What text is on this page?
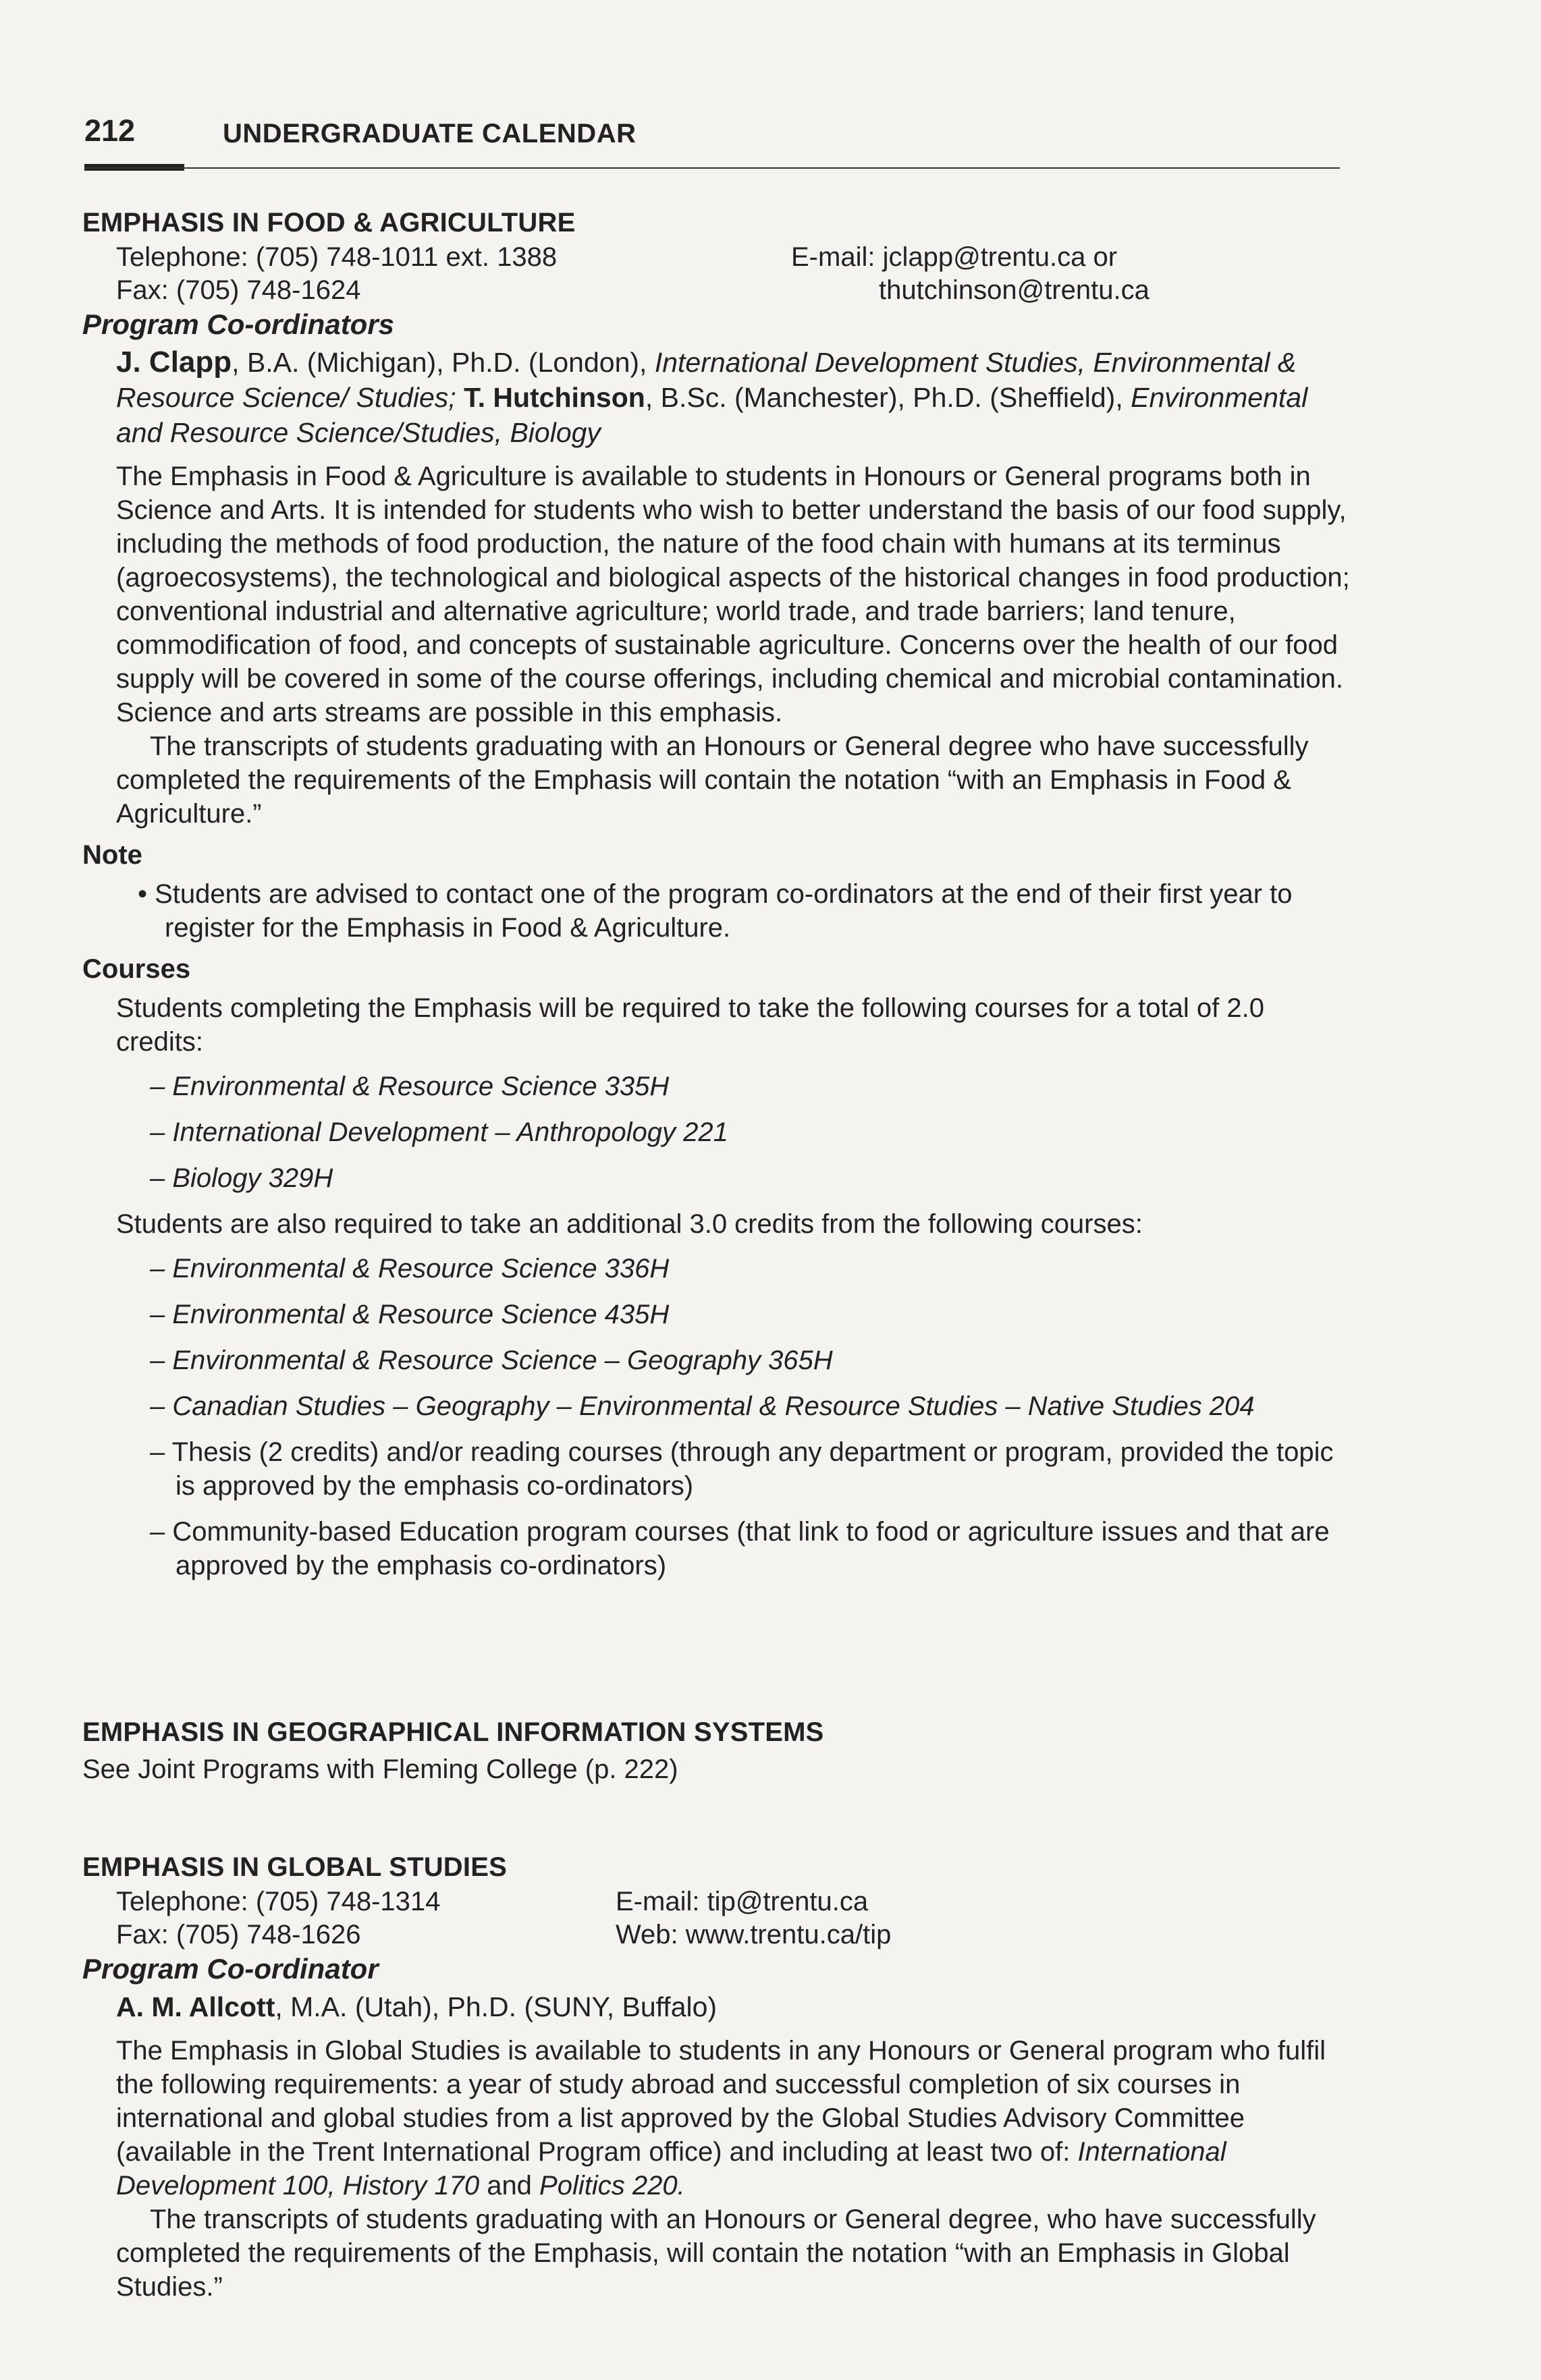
212	UNDERGRADUATE CALENDAR
EMPHASIS IN FOOD & AGRICULTURE
Telephone: (705) 748-1011 ext. 1388
Fax: (705) 748-1624
E-mail: jclapp@trentu.ca or
thutchinson@trentu.ca
Program Co-ordinators
J. Clapp, B.A. (Michigan), Ph.D. (London), International Development Studies, Environmental & Resource Science/ Studies; T. Hutchinson, B.Sc. (Manchester), Ph.D. (Sheffield), Environmental and Resource Science/Studies, Biology

The Emphasis in Food & Agriculture is available to students in Honours or General programs both in Science and Arts. It is intended for students who wish to better understand the basis of our food supply, including the methods of food production, the nature of the food chain with humans at its terminus (agroecosystems), the technological and biological aspects of the historical changes in food production; conventional industrial and alternative agriculture; world trade, and trade barriers; land tenure, commodification of food, and concepts of sustainable agriculture. Concerns over the health of our food supply will be covered in some of the course offerings, including chemical and microbial contamination. Science and arts streams are possible in this emphasis.

The transcripts of students graduating with an Honours or General degree who have successfully completed the requirements of the Emphasis will contain the notation “with an Emphasis in Food & Agriculture.”

Note
• Students are advised to contact one of the program co-ordinators at the end of their first year to register for the Emphasis in Food & Agriculture.
Courses

Students completing the Emphasis will be required to take the following courses for a total of 2.0 credits:

– Environmental & Resource Science 335H
– International Development – Anthropology 221
– Biology 329H

Students are also required to take an additional 3.0 credits from the following courses:

– Environmental & Resource Science 336H
– Environmental & Resource Science 435H
– Environmental & Resource Science – Geography 365H
– Canadian Studies – Geography – Environmental & Resource Studies – Native Studies 204
– Thesis (2 credits) and/or reading courses (through any department or program, provided the topic is approved by the emphasis co-ordinators)
– Community-based Education program courses (that link to food or agriculture issues and that are approved by the emphasis co-ordinators)
EMPHASIS IN GEOGRAPHICAL INFORMATION SYSTEMS
See Joint Programs with Fleming College (p. 222)
EMPHASIS IN GLOBAL STUDIES
Telephone: (705) 748-1314
Fax: (705) 748-1626
E-mail: tip@trentu.ca
Web: www.trentu.ca/tip
Program Co-ordinator
A. M. Allcott, M.A. (Utah), Ph.D. (SUNY, Buffalo)

The Emphasis in Global Studies is available to students in any Honours or General program who fulfil the following requirements: a year of study abroad and successful completion of six courses in international and global studies from a list approved by the Global Studies Advisory Committee (available in the Trent International Program office) and including at least two of: International Development 100, History 170 and Politics 220.

The transcripts of students graduating with an Honours or General degree, who have successfully completed the requirements of the Emphasis, will contain the notation “with an Emphasis in Global Studies.”
